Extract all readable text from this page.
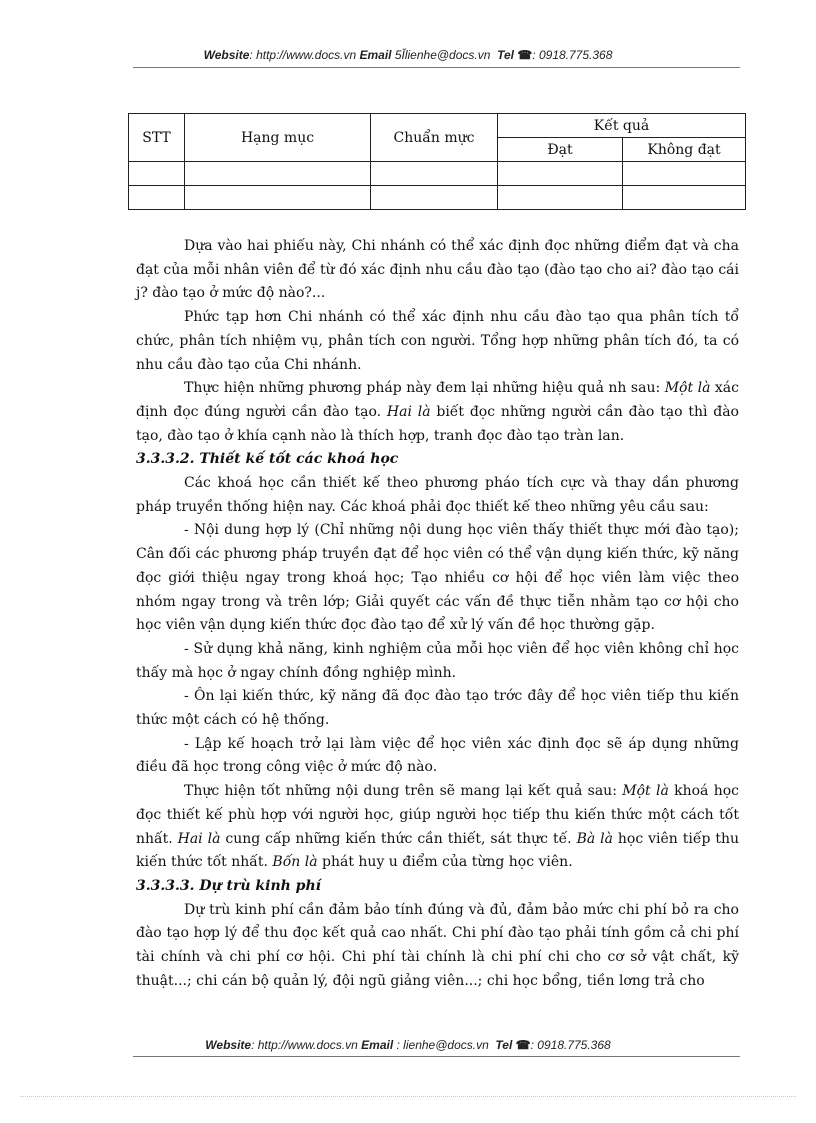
Website: http://www.docs.vn Email 5Ǐlienhe@docs.vn Tel ☎: 0918.775.368
STT	Hạng mục	Chuẩn mực	Kết quả	
			Đạt	Không đạt

Dựa vào hai phiếu này, Chi nhánh có thể xác định đọc những điểm đạt và cha đạt của mỗi nhân viên để từ đó xác định nhu cầu đào tạo (đào tạo cho ai? đào tạo cái j? đào tạo ở mức độ nào?...

Phức tạp hơn Chi nhánh có thể xác định nhu cầu đào tạo qua phân tích tổ chức, phân tích nhiệm vụ, phân tích con người. Tổng hợp những phân tích đó, ta có nhu cầu đào tạo của Chi nhánh.

Thực hiện những phương pháp này đem lại những hiệu quả nh sau: Một là xác định đọc đúng người cần đào tạo. Hai là biết đọc những người cần đào tạo thì đào tạo, đào tạo ở khía cạnh nào là thích hợp, tranh đọc đào tạo tràn lan.

3.3.3.2. Thiết kế tốt các khoá học

Các khoá học cần thiết kế theo phương pháo tích cực và thay dần phương pháp truyền thống hiện nay. Các khoá phải đọc thiết kế theo những yêu cầu sau:

- Nội dung hợp lý (Chỉ những nội dung học viên thấy thiết thực mới đào tạo); Cân đối các phương pháp truyền đạt để học viên có thể vận dụng kiến thức, kỹ năng đọc giới thiệu ngay trong khoá học; Tạo nhiều cơ hội để học viên làm việc theo nhóm ngay trong và trên lớp; Giải quyết các vấn đề thực tiễn nhằm tạo cơ hội cho học viên vận dụng kiến thức đọc đào tạo để xử lý vấn đề học thường gặp.

- Sử dụng khả năng, kinh nghiệm của mỗi học viên để học viên không chỉ học thấy mà học ở ngay chính đồng nghiệp mình.

- Ôn lại kiến thức, kỹ năng đã đọc đào tạo trớc đây để học viên tiếp thu kiến thức một cách có hệ thống.

- Lập kế hoạch trở lại làm việc để học viên xác định đọc sẽ áp dụng những điều đã học trong công việc ở mức độ nào.

Thực hiện tốt những nội dung trên sẽ mang lại kết quả sau: Một là khoá học đọc thiết kế phù hợp với người học, giúp người học tiếp thu kiến thức một cách tốt nhất. Hai là cung cấp những kiến thức cần thiết, sát thực tế. Bà là học viên tiếp thu kiến thức tốt nhất. Bốn là phát huy u điểm của từng học viên.

3.3.3.3. Dự trù kinh phí

Dự trù kinh phí cần đảm bảo tính đúng và đủ, đảm bảo mức chi phí bỏ ra cho đào tạo hợp lý để thu đọc kết quả cao nhất. Chi phí đào tạo phải tính gồm cả chi phí tài chính và chi phí cơ hội. Chi phí tài chính là chi phí chi cho cơ sở vật chất, kỹ thuật...; chi cán bộ quản lý, đội ngũ giảng viên...; chi học bổng, tiền lơng trả cho

Website: http://www.docs.vn Email : lienhe@docs.vn Tel ☎: 0918.775.368
